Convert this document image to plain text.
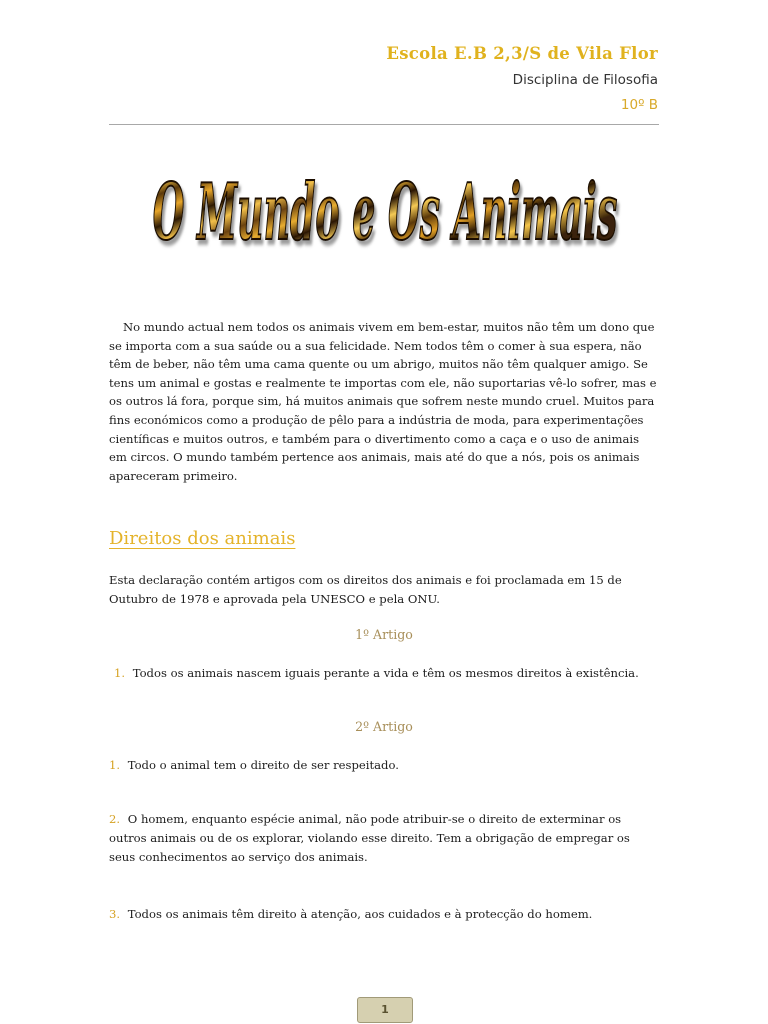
Escola E.B 2,3/S de Vila Flor
Disciplina de Filosofia
10º B
O Mundo e Os Animais
No mundo actual nem todos os animais vivem em bem-estar, muitos não têm um dono que se importa com a sua saúde ou a sua felicidade. Nem todos têm o comer à sua espera, não têm de beber, não têm uma cama quente ou um abrigo, muitos não têm qualquer amigo. Se tens um animal e gostas e realmente te importas com ele, não suportarias vê-lo sofrer, mas e os outros lá fora, porque sim, há muitos animais que sofrem neste mundo cruel. Muitos para fins económicos como a produção de pêlo para a indústria de moda, para experimentações científicas e muitos outros, e também para o divertimento como a caça e o uso de animais em circos. O mundo também pertence aos animais, mais até do que a nós, pois os animais apareceram primeiro.
Direitos dos animais
Esta declaração contém artigos com os direitos dos animais e foi proclamada em 15 de Outubro de 1978 e aprovada pela UNESCO e pela ONU.
1º Artigo
1. Todos os animais nascem iguais perante a vida e têm os mesmos direitos à existência.
2º Artigo
1. Todo o animal tem o direito de ser respeitado.
2. O homem, enquanto espécie animal, não pode atribuir-se o direito de exterminar os outros animais ou de os explorar, violando esse direito. Tem a obrigação de empregar os seus conhecimentos ao serviço dos animais.
3. Todos os animais têm direito à atenção, aos cuidados e à protecção do homem.
1
